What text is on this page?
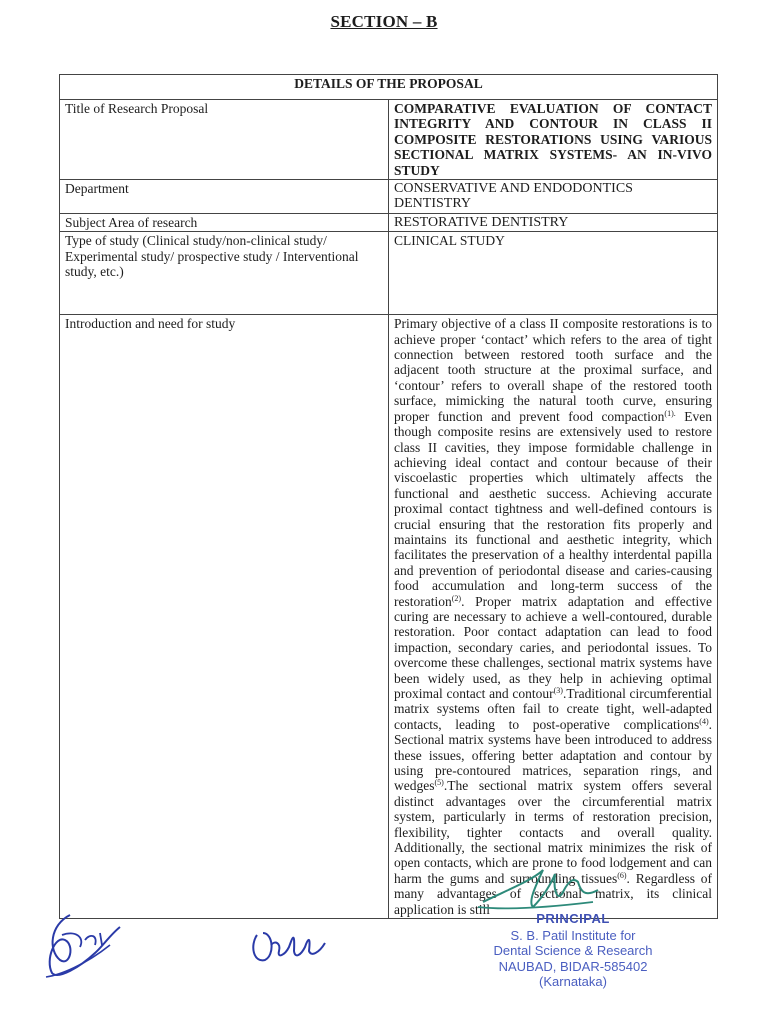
SECTION – B
DETAILS OF THE PROPOSAL	
Title of Research Proposal	COMPARATIVE EVALUATION OF CONTACT INTEGRITY AND CONTOUR IN CLASS II COMPOSITE RESTORATIONS USING VARIOUS SECTIONAL MATRIX SYSTEMS- AN IN-VIVO STUDY
Department	CONSERVATIVE AND ENDODONTICS DENTISTRY
Subject Area of research	RESTORATIVE DENTISTRY
Type of study (Clinical study/non-clinical study/ Experimental study/ prospective study / Interventional study, etc.)	CLINICAL STUDY
Introduction and need for study	Primary objective of a class II composite restorations is to achieve proper ‘contact’ which refers to the area of tight connection between restored tooth surface and the adjacent tooth structure at the proximal surface, and ‘contour’ refers to overall shape of the restored tooth surface, mimicking the natural tooth curve, ensuring proper function and prevent food compaction$^{(1).}$ Even though composite resins are extensively used to restore class II cavities, they impose formidable challenge in achieving ideal contact and contour because of their viscoelastic properties which ultimately affects the functional and aesthetic success. Achieving accurate proximal contact tightness and well-defined contours is crucial ensuring that the restoration fits properly and maintains its functional and aesthetic integrity, which facilitates the preservation of a healthy interdental papilla and prevention of periodontal disease and caries-causing food accumulation and long-term success of the restoration$^{(2)}$. Proper matrix adaptation and effective curing are necessary to achieve a well-contoured, durable restoration. Poor contact adaptation can lead to food impaction, secondary caries, and periodontal issues. To overcome these challenges, sectional matrix systems have been widely used, as they help in achieving optimal proximal contact and contour$^{(3)}$.Traditional circumferential matrix systems often fail to create tight, well-adapted contacts, leading to post-operative complications$^{(4)}$. Sectional matrix systems have been introduced to address these issues, offering better adaptation and contour by using pre-contoured matrices, separation rings, and wedges$^{(5)}$.The sectional matrix system offers several distinct advantages over the circumferential matrix system, particularly in terms of restoration precision, flexibility, tighter contacts and overall quality. Additionally, the sectional matrix minimizes the risk of open contacts, which are prone to food lodgement and can harm the gums and surrounding tissues$^{(6)}$. Regardless of many advantages of sectional matrix, its clinical application is still
PRINCIPAL
S. B. Patil Institute for
Dental Science & Research
NAUBAD, BIDAR-585402
(Karnataka)
